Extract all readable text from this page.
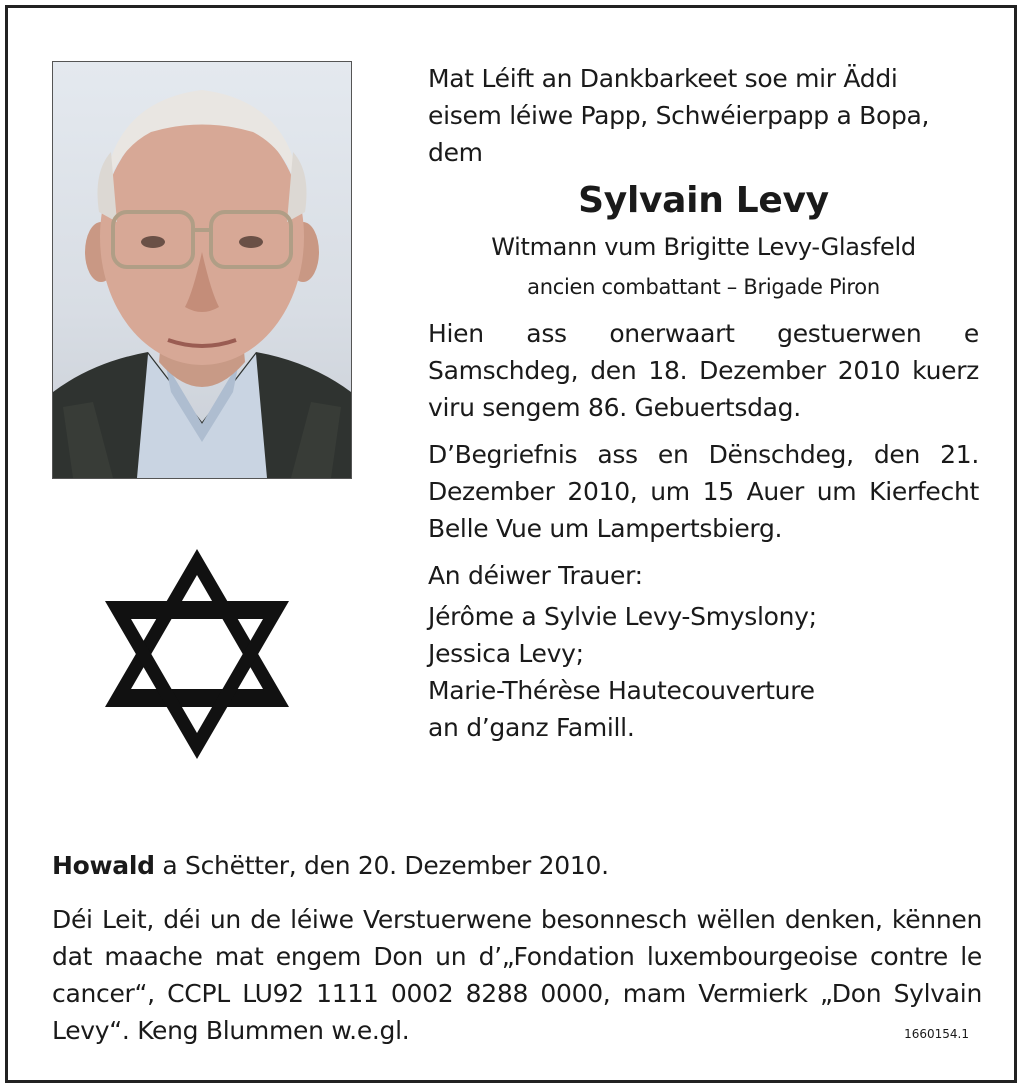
Mat Léift an Dankbarkeet soe mir Äddi

eisem léiwe Papp, Schwéierpapp a Bopa,

dem

Sylvain Levy

Witmann vum Brigitte Levy-Glasfeld

ancien combattant – Brigade Piron

Hien ass onerwaart gestuerwen e Samschdeg, den 18. Dezember 2010 kuerz viru sengem 86. Gebuertsdag.

D’Begriefnis ass en Dënschdeg, den 21. Dezember 2010, um 15 Auer um Kierfecht Belle Vue um Lampertsbierg.

An déiwer Trauer:

Jérôme a Sylvie Levy-Smyslony;

Jessica Levy;

Marie-Thérèse Hautecouverture

an d’ganz Famill.

Howald a Schëtter, den 20. Dezember 2010.
Déi Leit, déi un de léiwe Verstuerwene besonnesch wëllen denken, kënnen dat maache mat engem Don un d’„Fondation luxembourgeoise contre le cancer“, CCPL LU92 1111 0002 8288 0000, mam Vermierk „Don Sylvain Levy“. Keng Blummen w.e.gl.	1660154.1
